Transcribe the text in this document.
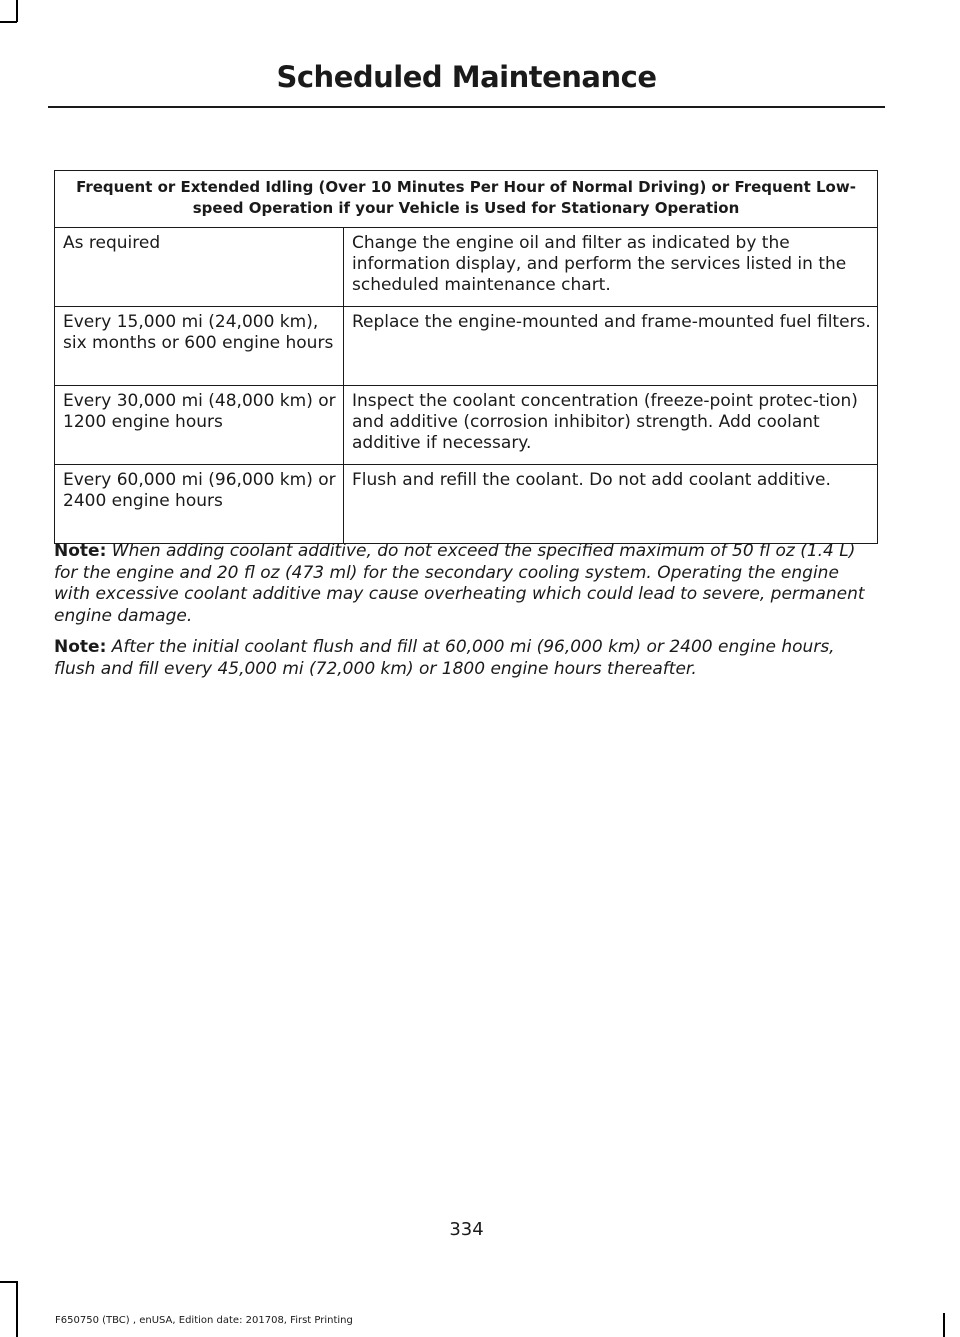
Scheduled Maintenance
Frequent or Extended Idling (Over 10 Minutes Per Hour of Normal Driving) or Frequent Low-speed Operation if your Vehicle is Used for Stationary Operation	
As required	Change the engine oil and filter as indicated by the information display, and perform the services listed in the scheduled maintenance chart.
Every 15,000 mi (24,000 km), six months or 600 engine hours	Replace the engine-mounted and frame-mounted fuel filters.
Every 30,000 mi (48,000 km) or 1200 engine hours	Inspect the coolant concentration (freeze-point protec-tion) and additive (corrosion inhibitor) strength. Add coolant additive if necessary.
Every 60,000 mi (96,000 km) or 2400 engine hours	Flush and refill the coolant. Do not add coolant additive.

Note: When adding coolant additive, do not exceed the specified maximum of 50 fl oz (1.4 L) for the engine and 20 fl oz (473 ml) for the secondary cooling system. Operating the engine with excessive coolant additive may cause overheating which could lead to severe, permanent engine damage.

Note: After the initial coolant flush and fill at 60,000 mi (96,000 km) or 2400 engine hours, flush and fill every 45,000 mi (72,000 km) or 1800 engine hours thereafter.

334
F650750 (TBC) , enUSA, Edition date: 201708, First Printing
